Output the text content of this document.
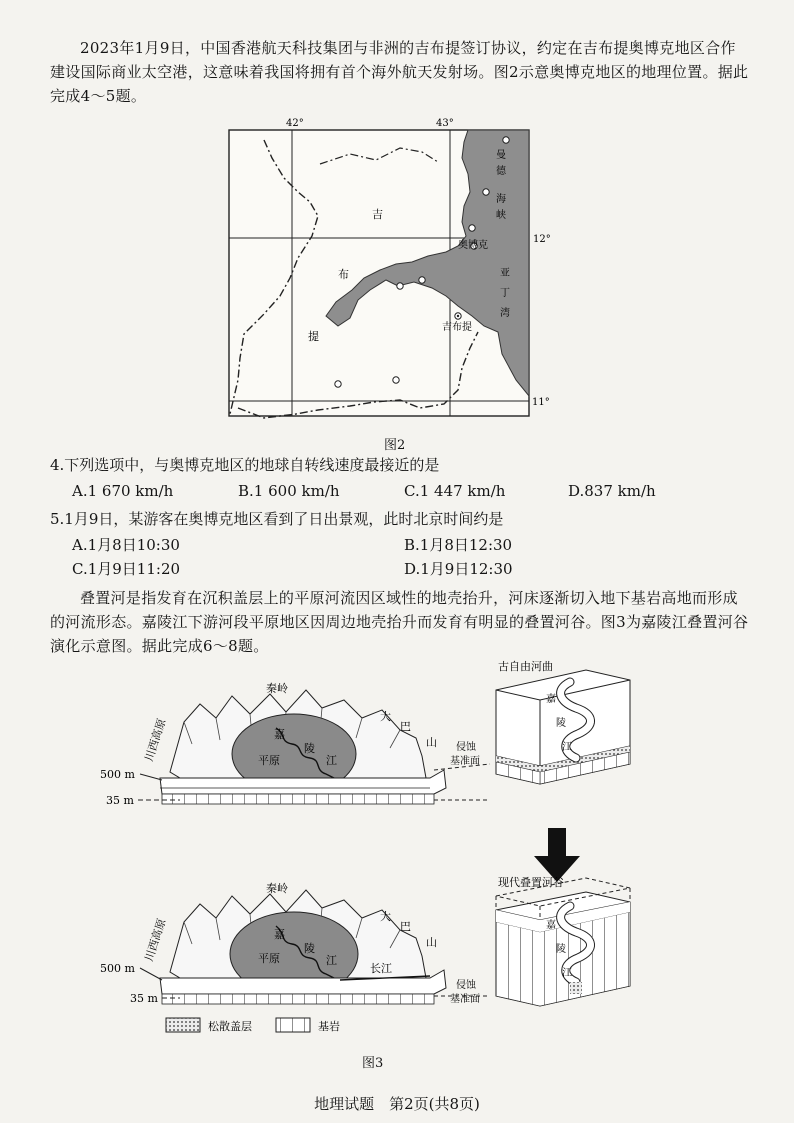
2023年1月9日，中国香港航天科技集团与非洲的吉布提签订协议，约定在吉布提奥博克地区合作建设国际商业太空港，这意味着我国将拥有首个海外航天发射场。图2示意奥博克地区的地理位置。据此完成4～5题。
42°	43°
12°
11°
吉
布
提
曼
德
海
峡
亚
丁
湾
奥博克
吉布提
图2
4.下列选项中，与奥博克地区的地球自转线速度最接近的是
A.1 670 km/h	B.1 600 km/h	C.1 447 km/h	D.837 km/h
5.1月9日，某游客在奥博克地区看到了日出景观，此时北京时间约是
A.1月8日10:30	B.1月8日12:30
C.1月9日11:20	D.1月9日12:30
叠置河是指发育在沉积盖层上的平原河流因区域性的地壳抬升，河床逐渐切入地下基岩高地而形成的河流形态。嘉陵江下游河段平原地区因周边地壳抬升而发育有明显的叠置河谷。图3为嘉陵江叠置河谷演化示意图。据此完成6～8题。
川西高原
秦岭
大
巴
山
嘉
陵
江
平原
500 m
35 m
古自由河曲
嘉
陵
江
侵蚀
基准面
川西高原
秦岭
大
巴
山
嘉
陵
江
平原
长江
500 m
35 m
现代叠置河谷
嘉
陵
江
侵蚀
基准面
松散盖层	基岩
图3
地理试题　第2页(共8页)
